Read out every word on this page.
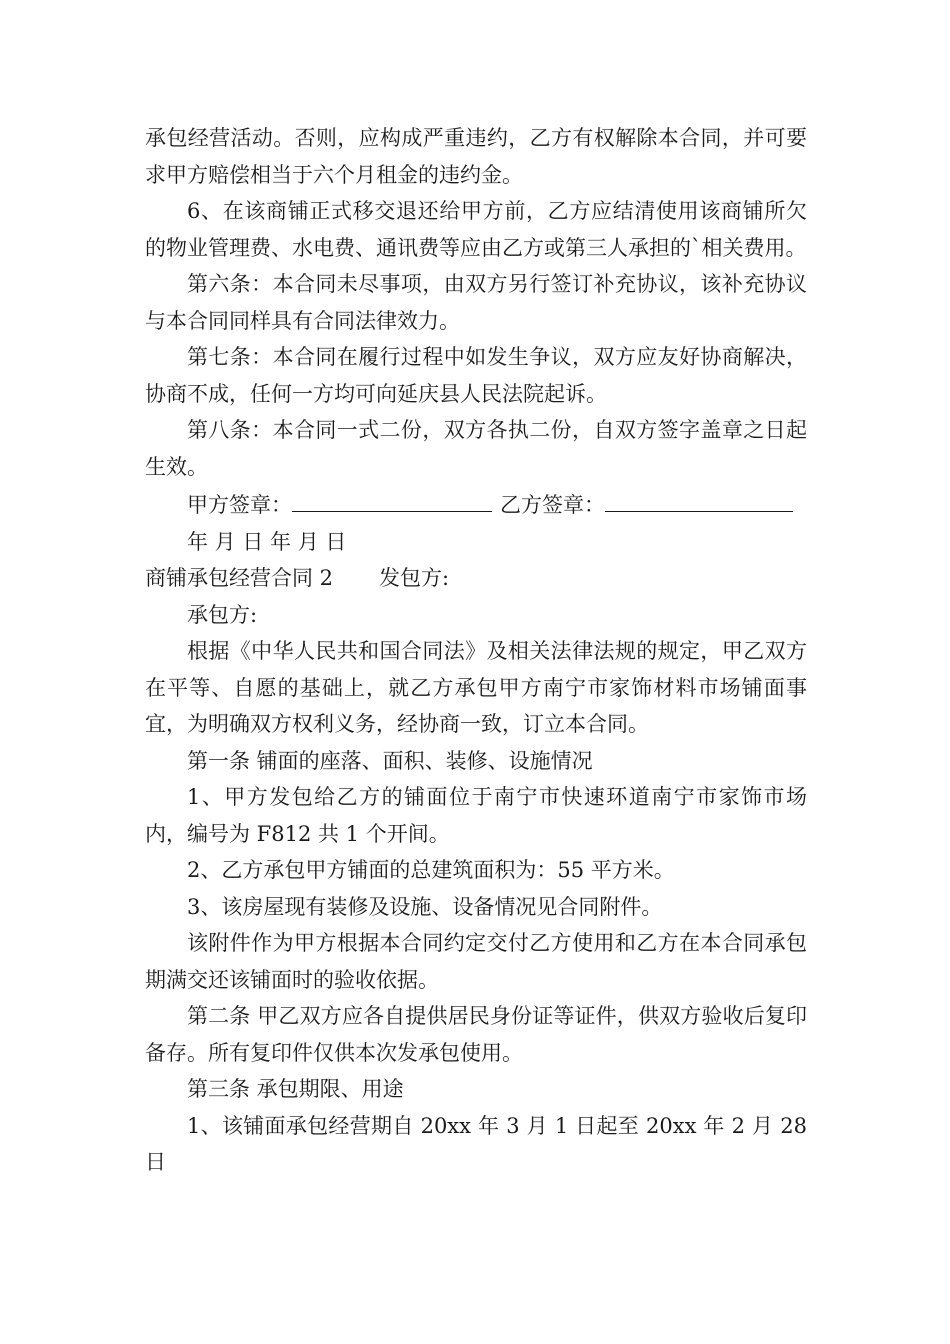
承包经营活动。否则，应构成严重违约，乙方有权解除本合同，并可要求甲方赔偿相当于六个月租金的违约金。

6、在该商铺正式移交退还给甲方前，乙方应结清使用该商铺所欠的物业管理费、水电费、通讯费等应由乙方或第三人承担的`相关费用。

第六条：本合同未尽事项，由双方另行签订补充协议，该补充协议与本合同同样具有合同法律效力。

第七条：本合同在履行过程中如发生争议，双方应友好协商解决，协商不成，任何一方均可向延庆县人民法院起诉。

第八条：本合同一式二份，双方各执二份，自双方签字盖章之日起生效。

甲方签章：	乙方签章：

年 月 日 年 月 日

商铺承包经营合同 2 发包方:

承包方:

根据《中华人民共和国合同法》及相关法律法规的规定，甲乙双方在平等、自愿的基础上，就乙方承包甲方南宁市家饰材料市场铺面事宜，为明确双方权利义务，经协商一致，订立本合同。

第一条 铺面的座落、面积、装修、设施情况

1、甲方发包给乙方的铺面位于南宁市快速环道南宁市家饰市场内，编号为 F812 共 1 个开间。

2、乙方承包甲方铺面的总建筑面积为：55 平方米。

3、该房屋现有装修及设施、设备情况见合同附件。

该附件作为甲方根据本合同约定交付乙方使用和乙方在本合同承包期满交还该铺面时的验收依据。

第二条 甲乙双方应各自提供居民身份证等证件，供双方验收后复印备存。所有复印件仅供本次发承包使用。

第三条 承包期限、用途

1、该铺面承包经营期自 20xx 年 3 月 1 日起至 20xx 年 2 月 28 日
